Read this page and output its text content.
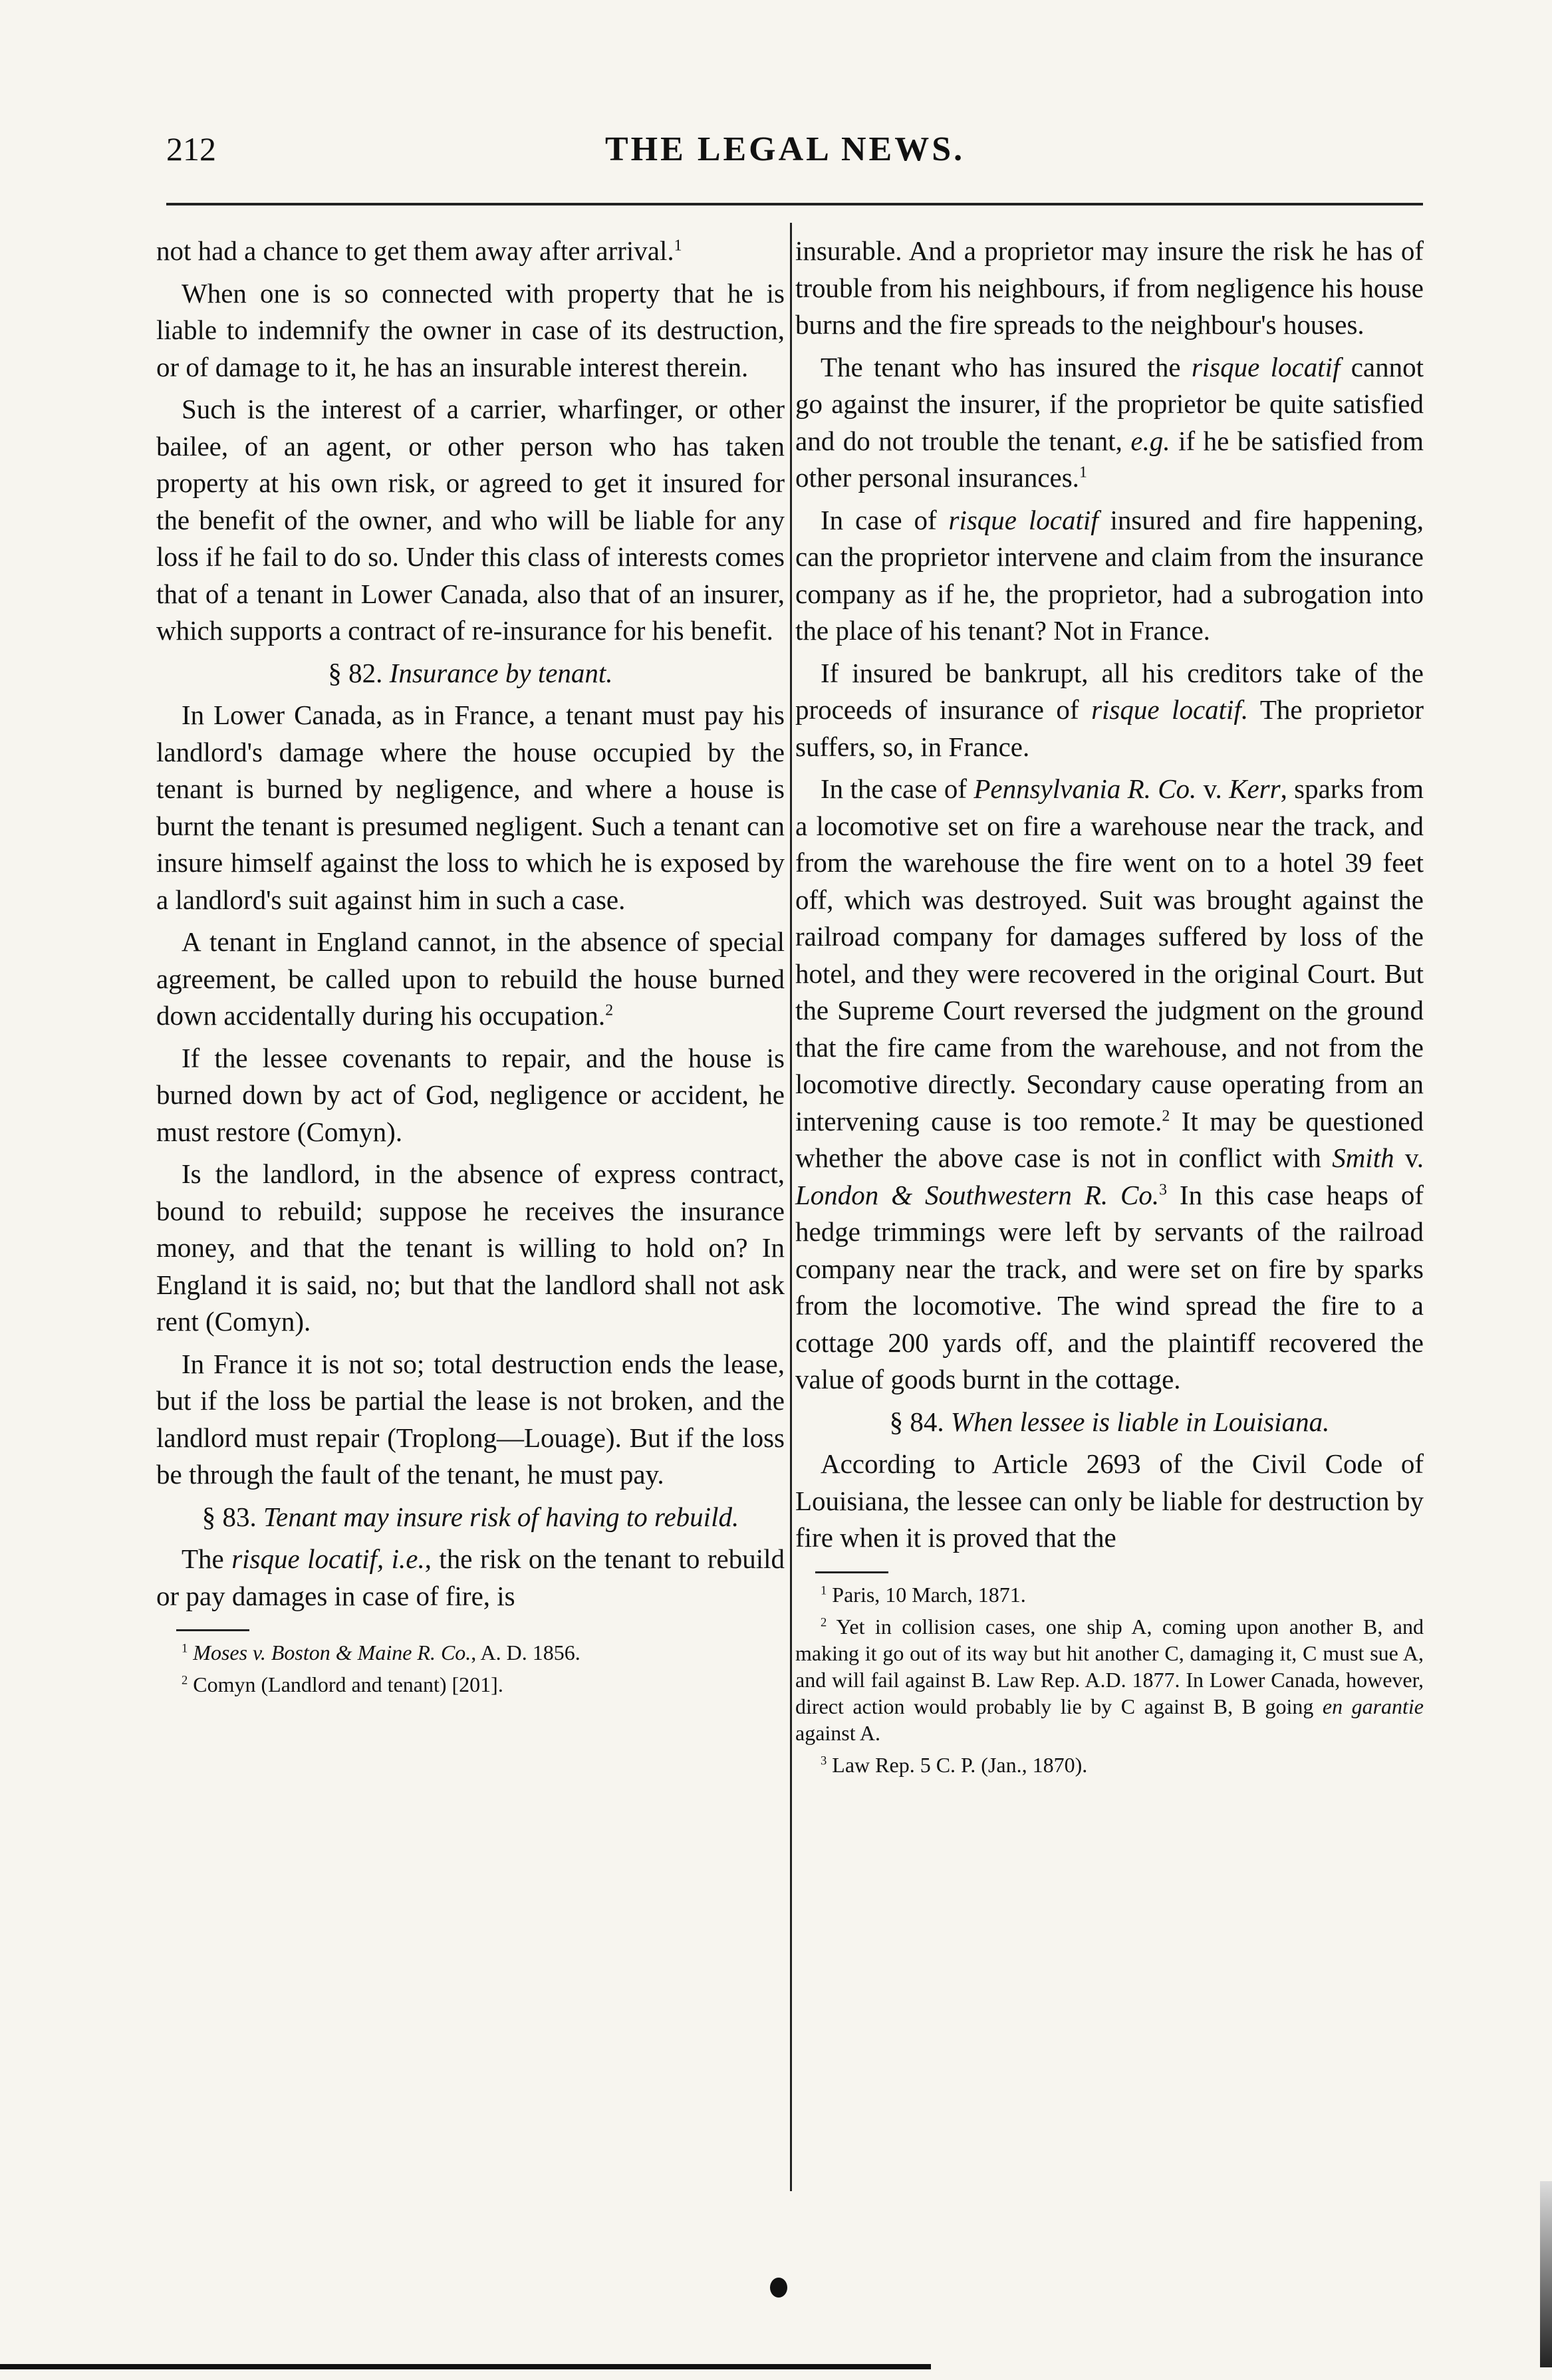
212	THE LEGAL NEWS.

not had a chance to get them away after arrival.$^1$

When one is so connected with property that he is liable to indemnify the owner in case of its destruction, or of damage to it, he has an insurable interest therein.

Such is the interest of a carrier, wharfinger, or other bailee, of an agent, or other person who has taken property at his own risk, or agreed to get it insured for the benefit of the owner, and who will be liable for any loss if he fail to do so. Under this class of interests comes that of a tenant in Lower Canada, also that of an insurer, which supports a contract of re-insurance for his benefit.

§ 82. Insurance by tenant.

In Lower Canada, as in France, a tenant must pay his landlord's damage where the house occupied by the tenant is burned by negligence, and where a house is burnt the tenant is presumed negligent. Such a tenant can insure himself against the loss to which he is exposed by a landlord's suit against him in such a case.

A tenant in England cannot, in the absence of special agreement, be called upon to rebuild the house burned down accidentally during his occupation.$^2$

If the lessee covenants to repair, and the house is burned down by act of God, negligence or accident, he must restore (Comyn).

Is the landlord, in the absence of express contract, bound to rebuild; suppose he receives the insurance money, and that the tenant is willing to hold on? In England it is said, no; but that the landlord shall not ask rent (Comyn).

In France it is not so; total destruction ends the lease, but if the loss be partial the lease is not broken, and the landlord must repair (Troplong—Louage). But if the loss be through the fault of the tenant, he must pay.

§ 83. Tenant may insure risk of having to rebuild.

The risque locatif, i.e., the risk on the tenant to rebuild or pay damages in case of fire, is

$^1$ Moses v. Boston & Maine R. Co., A. D. 1856.

$^2$ Comyn (Landlord and tenant) [201].

insurable. And a proprietor may insure the risk he has of trouble from his neighbours, if from negligence his house burns and the fire spreads to the neighbour's houses.

The tenant who has insured the risque locatif cannot go against the insurer, if the proprietor be quite satisfied and do not trouble the tenant, e.g. if he be satisfied from other personal insurances.$^1$

In case of risque locatif insured and fire happening, can the proprietor intervene and claim from the insurance company as if he, the proprietor, had a subrogation into the place of his tenant? Not in France.

If insured be bankrupt, all his creditors take of the proceeds of insurance of risque locatif. The proprietor suffers, so, in France.

In the case of Pennsylvania R. Co. v. Kerr, sparks from a locomotive set on fire a warehouse near the track, and from the warehouse the fire went on to a hotel 39 feet off, which was destroyed. Suit was brought against the railroad company for damages suffered by loss of the hotel, and they were recovered in the original Court. But the Supreme Court reversed the judgment on the ground that the fire came from the warehouse, and not from the locomotive directly. Secondary cause operating from an intervening cause is too remote.$^2$ It may be questioned whether the above case is not in conflict with Smith v. London & Southwestern R. Co.$^3$ In this case heaps of hedge trimmings were left by servants of the railroad company near the track, and were set on fire by sparks from the locomotive. The wind spread the fire to a cottage 200 yards off, and the plaintiff recovered the value of goods burnt in the cottage.

§ 84. When lessee is liable in Louisiana.

According to Article 2693 of the Civil Code of Louisiana, the lessee can only be liable for destruction by fire when it is proved that the

$^1$ Paris, 10 March, 1871.

$^2$ Yet in collision cases, one ship A, coming upon another B, and making it go out of its way but hit another C, damaging it, C must sue A, and will fail against B. Law Rep. A.D. 1877. In Lower Canada, however, direct action would probably lie by C against B, B going en garantie against A.

$^3$ Law Rep. 5 C. P. (Jan., 1870).
